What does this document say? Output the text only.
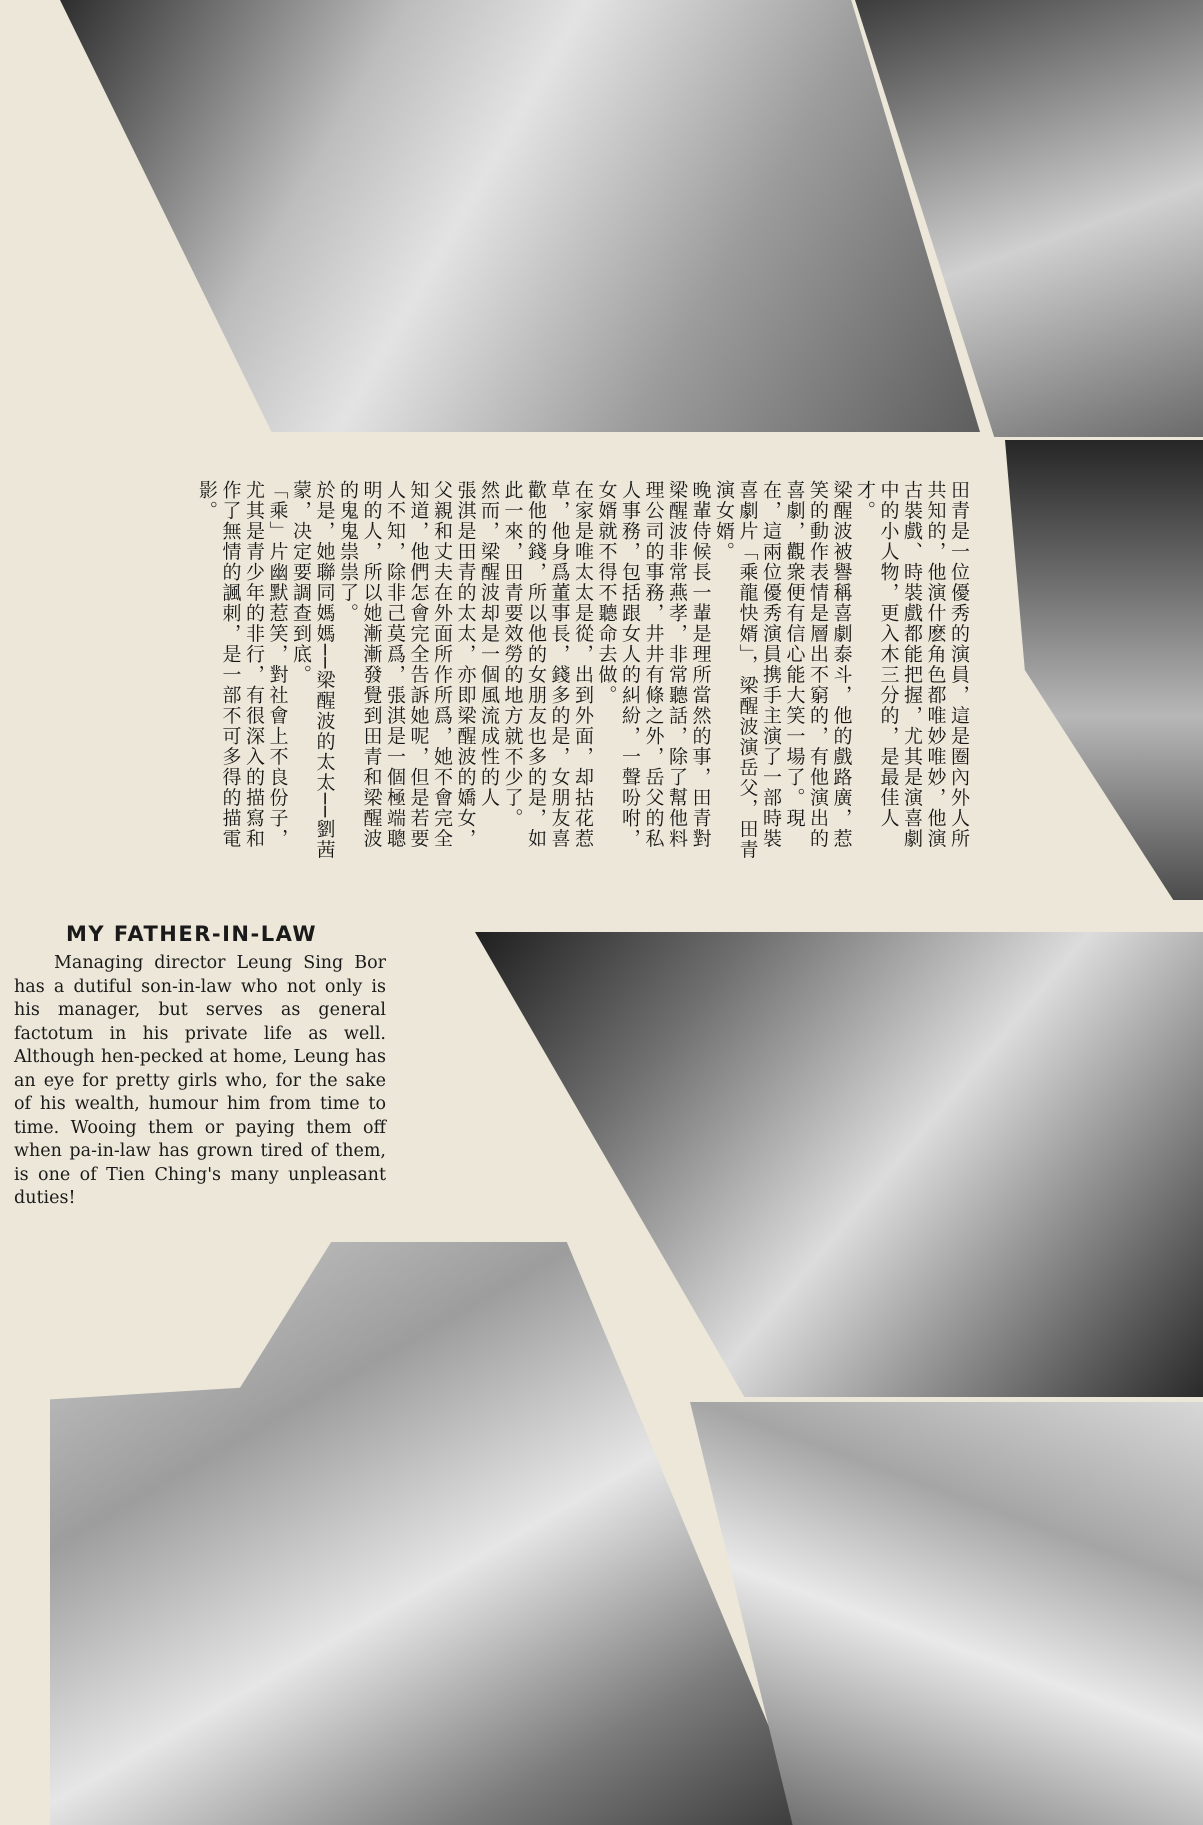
田青是一位優秀的演員，這是圈內外人所共知的，他演什麽角色都唯妙唯妙，他演古裝戲、時裝戲都能把握，尤其是演喜劇中的小人物，更入木三分的，是最佳人才。

梁醒波被譽稱喜劇泰斗，他的戲路廣，惹笑的動作表情是層出不窮的，有他演出的喜劇，觀衆便有信心能大笑一場了。現在，這兩位優秀演員携手主演了一部時裝喜劇片「乘龍快婿」，梁醒波演岳父，田青演女婿。

晚輩侍候長一輩是理所當然的事，田青對梁醒波非常燕孝，非常聽話，除了幫他料理公司的事務，井井有條之外，岳父的私人事務，包括跟女人的糾紛，一聲吩咐，女婿就不得不聽命去做。

在家是唯太太是從，出到外面，却拈花惹草，他身爲董事長，錢多的是，女朋友喜歡他的錢，所以他的女朋友也多的是，如此一來，田青要效勞的地方就不少了。

然而，梁醒波却是一個風流成性的人

張淇是田青的太太，亦即梁醒波的嬌女，父親和丈夫在外面所作所爲，她不會完全知道，他們怎會完全告訴她呢，但是若要人不知，除非己莫爲，張淇是一個極端聰明的人，所以她漸漸發覺到田青和梁醒波的鬼鬼祟祟了。

於是，她聯同媽媽──梁醒波的太太──劉茜蒙，决定要調查到底。

「乘」片幽默惹笑，對社會上不良份子，尤其是青少年的非行，有很深入的描寫和作了無情的諷刺，是一部不可多得的描電影。

MY FATHER-IN-LAW

Managing director Leung Sing Bor has a dutiful son-in-law who not only is his manager, but serves as general factotum in his private life as well. Although hen-pecked at home, Leung has an eye for pretty girls who, for the sake of his wealth, humour him from time to time. Wooing them or paying them off when pa-in-law has grown tired of them, is one of Tien Ching's many unpleasant duties!
